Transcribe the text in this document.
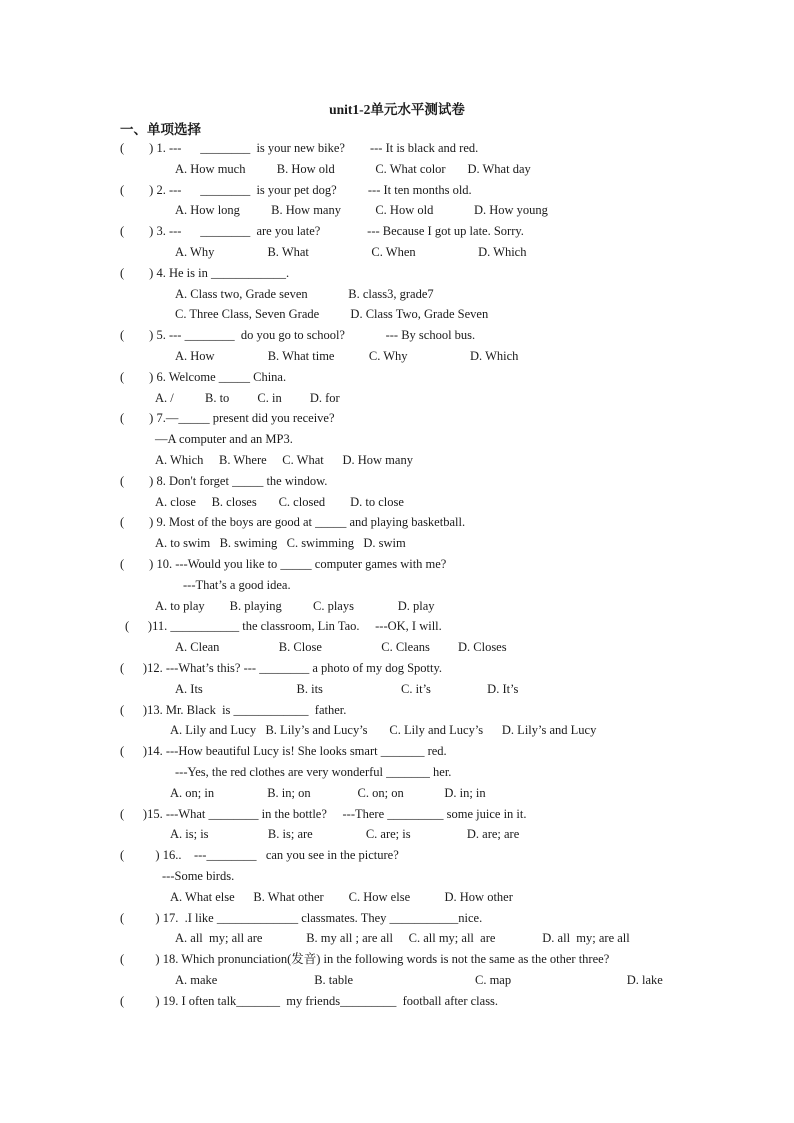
unit1-2单元水平测试卷
一、单项选择
(        ) 1. ---      ________  is your new bike?        --- It is black and red.
A. How much          B. How old             C. What color       D. What day
(        ) 2. ---      ________  is your pet dog?          --- It ten months old.
A. How long          B. How many           C. How old             D. How young
(        ) 3. ---      ________  are you late?               --- Because I got up late. Sorry.
A. Why                 B. What                    C. When                    D. Which
(        ) 4. He is in ____________.
A. Class two, Grade seven             B. class3, grade7
C. Three Class, Seven Grade          D. Class Two, Grade Seven
(        ) 5. --- ________  do you go to school?             --- By school bus.
A. How                 B. What time           C. Why                    D. Which
(        ) 6. Welcome _____ China.
A. /          B. to         C. in         D. for
(        ) 7.—_____ present did you receive?
—A computer and an MP3.
A. Which     B. Where     C. What      D. How many
(        ) 8. Don't forget _____ the window.
A. close     B. closes       C. closed        D. to close
(        ) 9. Most of the boys are good at _____ and playing basketball.
A. to swim   B. swiming   C. swimming   D. swim
(        ) 10. ---Would you like to _____ computer games with me?
---That’s a good idea.
A. to play        B. playing          C. plays              D. play
(      )11. ___________ the classroom, Lin Tao.     ---OK, I will.
A. Clean                   B. Close                   C. Cleans         D. Closes
(      )12. ---What’s this? --- ________ a photo of my dog Spotty.
A. Its                              B. its                         C. it’s                  D. It’s
(      )13. Mr. Black  is ____________  father.
A. Lily and Lucy   B. Lily’s and Lucy’s       C. Lily and Lucy’s      D. Lily’s and Lucy
(      )14. ---How beautiful Lucy is! She looks smart _______ red.
---Yes, the red clothes are very wonderful _______ her.
A. on; in                 B. in; on               C. on; on             D. in; in
(      )15. ---What ________ in the bottle?     ---There _________ some juice in it.
A. is; is                   B. is; are                 C. are; is                  D. are; are
(          ) 16..    ---________   can you see in the picture?
---Some birds.
A. What else      B. What other        C. How else           D. How other
(          ) 17.  .I like _____________ classmates. They ___________nice.
A. all  my; all are              B. my all ; are all     C. all my; all  are               D. all  my; are all
(          ) 18. Which pronunciation(发音) in the following words is not the same as the other three?
A. make                               B. table                                       C. map                                     D. lake
(          ) 19. I often talk_______  my friends_________  football after class.
